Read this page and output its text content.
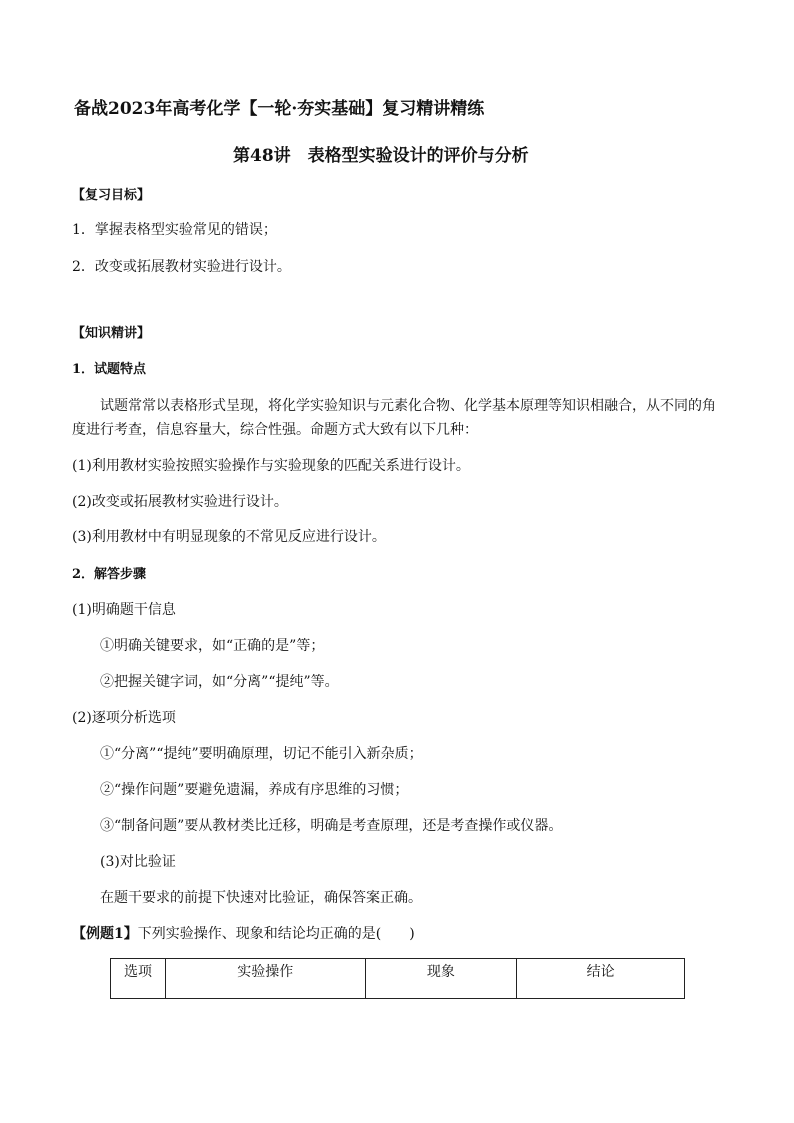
备战2023年高考化学【一轮·夯实基础】复习精讲精练
第48讲　表格型实验设计的评价与分析
【复习目标】
1．掌握表格型实验常见的错误；
2．改变或拓展教材实验进行设计。
【知识精讲】
1．试题特点
试题常常以表格形式呈现，将化学实验知识与元素化合物、化学基本原理等知识相融合，从不同的角
度进行考查，信息容量大，综合性强。命题方式大致有以下几种：
(1)利用教材实验按照实验操作与实验现象的匹配关系进行设计。
(2)改变或拓展教材实验进行设计。
(3)利用教材中有明显现象的不常见反应进行设计。
2．解答步骤
(1)明确题干信息
①明确关键要求，如“正确的是”等；
②把握关键字词，如“分离”“提纯”等。
(2)逐项分析选项
①“分离”“提纯”要明确原理，切记不能引入新杂质；
②“操作问题”要避免遗漏，养成有序思维的习惯；
③“制备问题”要从教材类比迁移，明确是考查原理，还是考查操作或仪器。
(3)对比验证
在题干要求的前提下快速对比验证，确保答案正确。
【例题1】下列实验操作、现象和结论均正确的是(　　)
选项	实验操作	现象	结论
